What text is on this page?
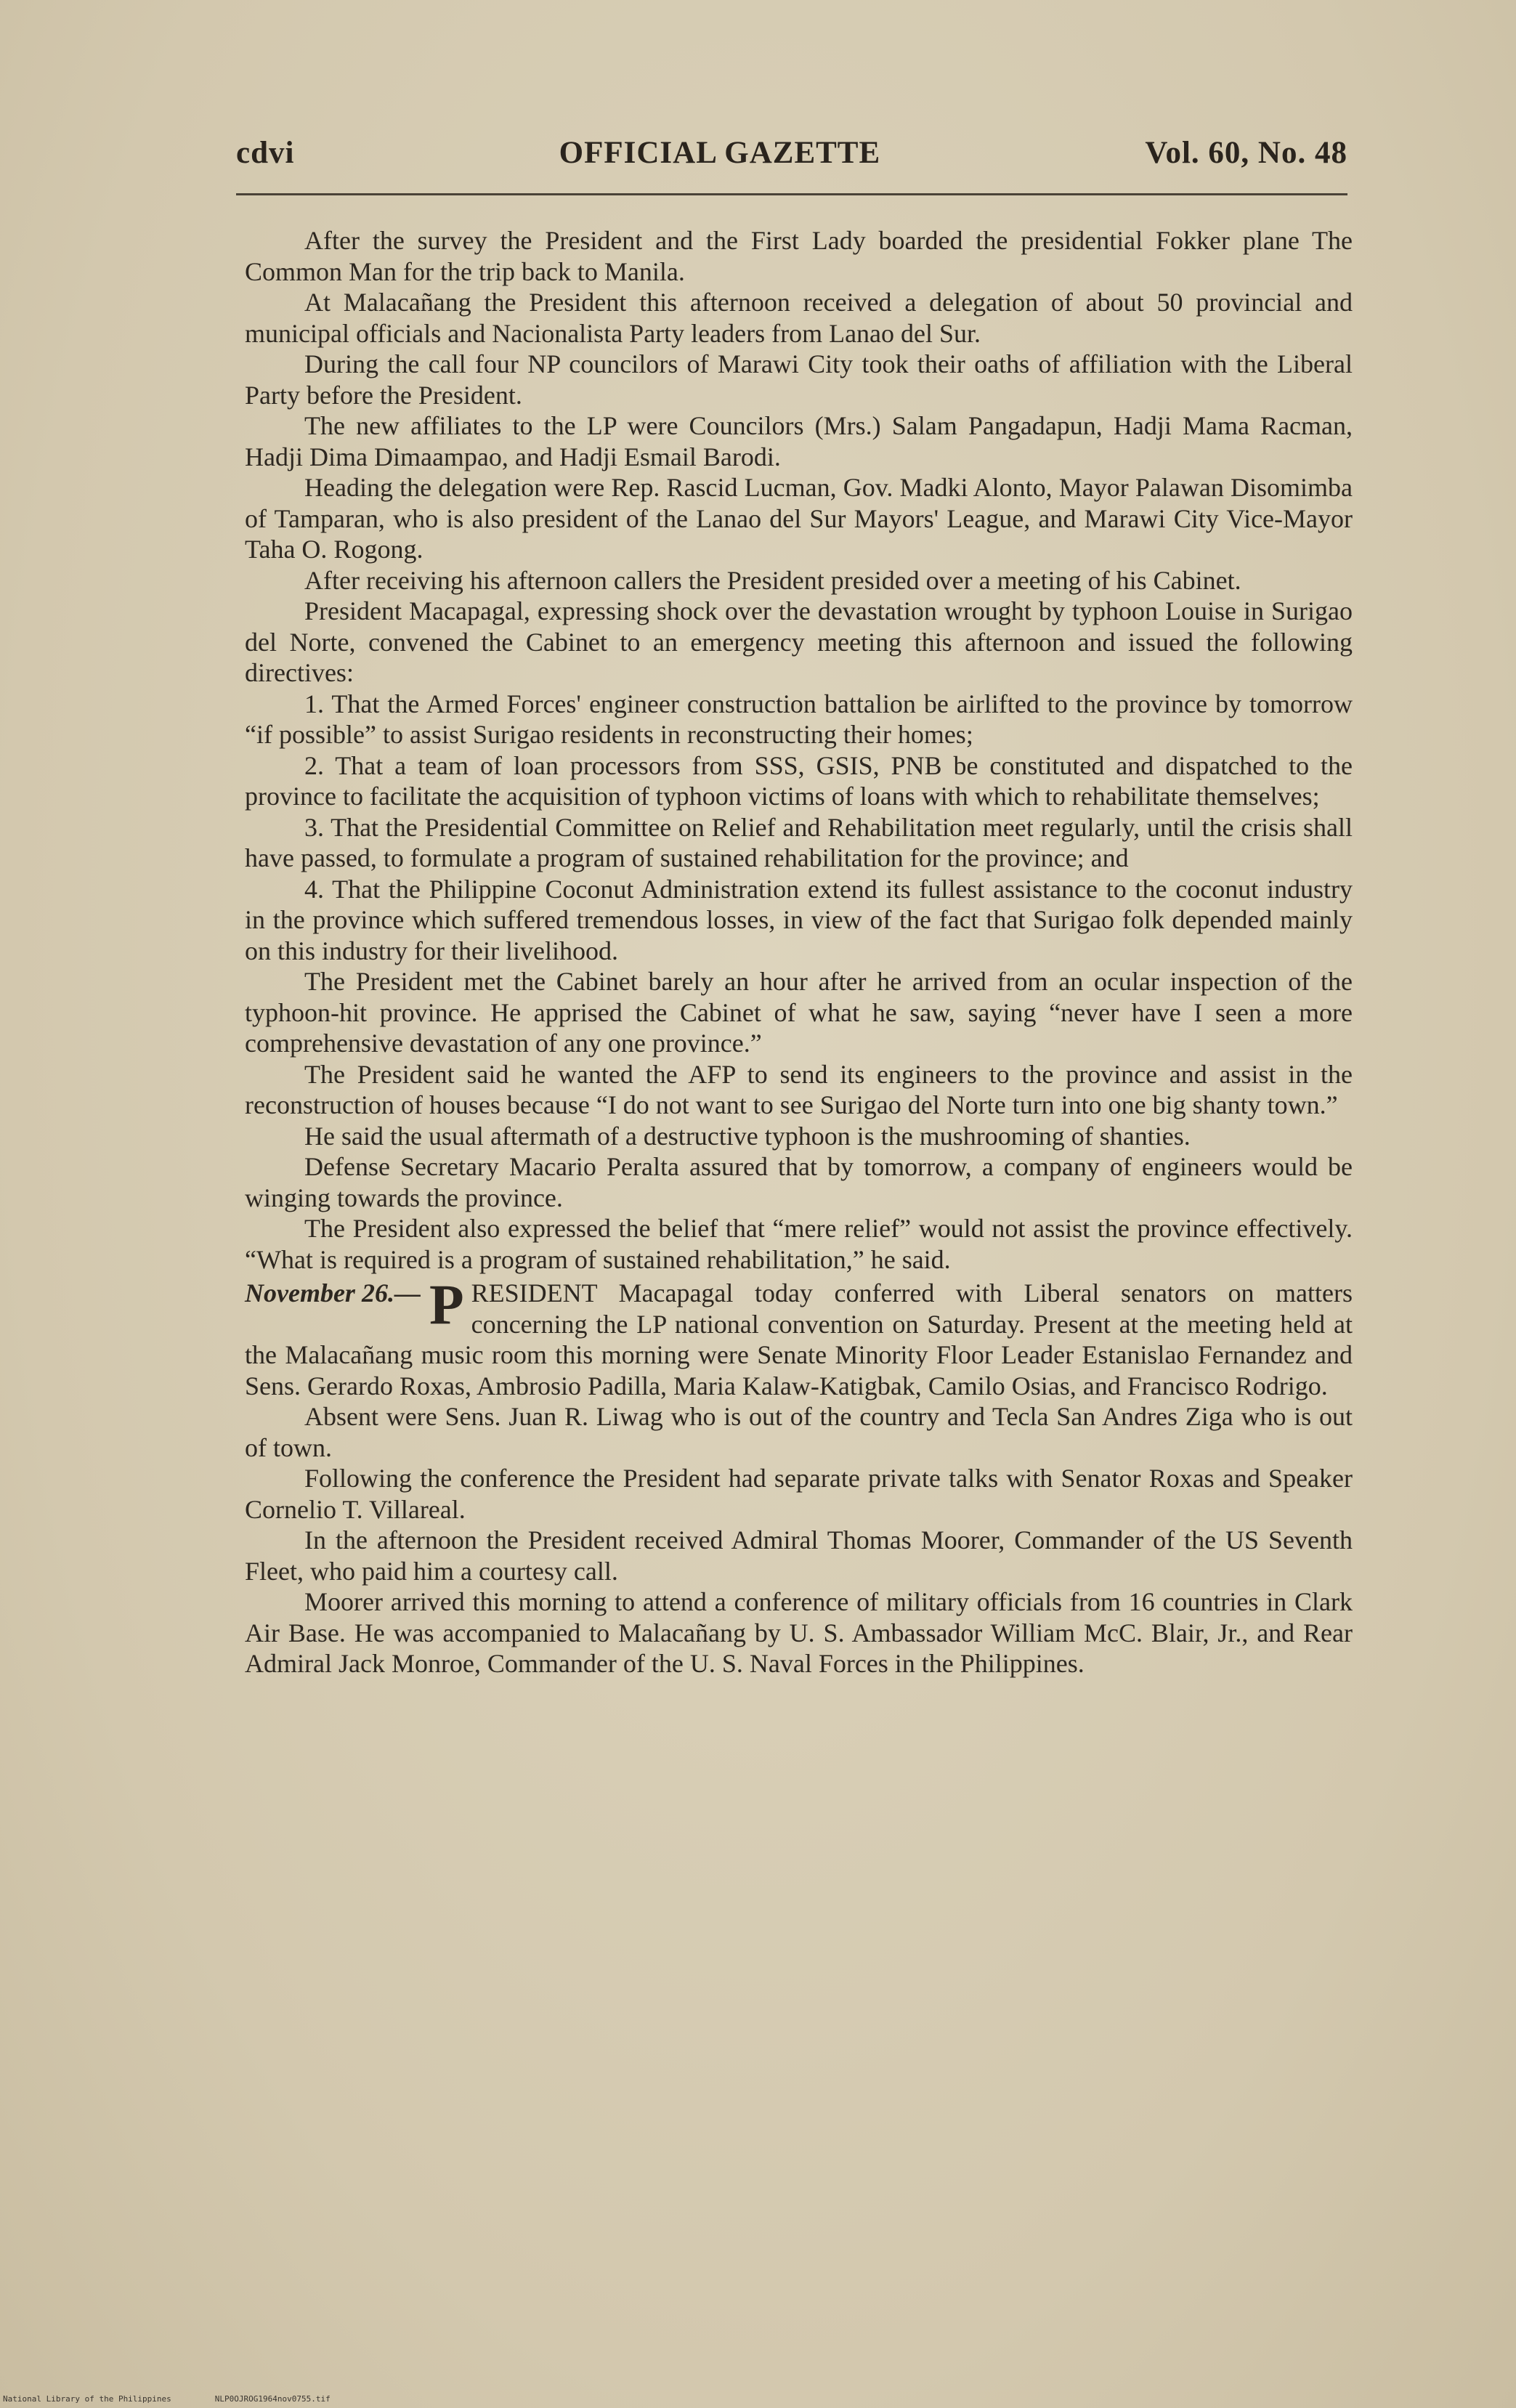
cdvi	OFFICIAL GAZETTE	Vol. 60, No. 48

After the survey the President and the First Lady boarded the presidential Fokker plane The Common Man for the trip back to Manila.

At Malacañang the President this afternoon received a delegation of about 50 provincial and municipal officials and Nacionalista Party leaders from Lanao del Sur.

During the call four NP councilors of Marawi City took their oaths of affiliation with the Liberal Party before the President.

The new affiliates to the LP were Councilors (Mrs.) Salam Pangadapun, Hadji Mama Racman, Hadji Dima Dimaampao, and Hadji Esmail Barodi.

Heading the delegation were Rep. Rascid Lucman, Gov. Madki Alonto, Mayor Palawan Disomimba of Tamparan, who is also president of the Lanao del Sur Mayors' League, and Marawi City Vice-Mayor Taha O. Rogong.

After receiving his afternoon callers the President presided over a meeting of his Cabinet.

President Macapagal, expressing shock over the devastation wrought by typhoon Louise in Surigao del Norte, convened the Cabinet to an emergency meeting this afternoon and issued the following directives:

1. That the Armed Forces' engineer construction battalion be airlifted to the province by tomorrow “if possible” to assist Surigao residents in reconstructing their homes;

2. That a team of loan processors from SSS, GSIS, PNB be constituted and dispatched to the province to facilitate the acquisition of typhoon victims of loans with which to rehabilitate themselves;

3. That the Presidential Committee on Relief and Rehabilitation meet regularly, until the crisis shall have passed, to formulate a program of sustained rehabilitation for the province; and

4. That the Philippine Coconut Administration extend its fullest assistance to the coconut industry in the province which suffered tremendous losses, in view of the fact that Surigao folk depended mainly on this industry for their livelihood.

The President met the Cabinet barely an hour after he arrived from an ocular inspection of the typhoon-hit province. He apprised the Cabinet of what he saw, saying “never have I seen a more comprehensive devastation of any one province.”

The President said he wanted the AFP to send its engineers to the province and assist in the reconstruction of houses because “I do not want to see Surigao del Norte turn into one big shanty town.”

He said the usual aftermath of a destructive typhoon is the mushrooming of shanties.

Defense Secretary Macario Peralta assured that by tomorrow, a company of engineers would be winging towards the province.

The President also expressed the belief that “mere relief” would not assist the province effectively. “What is required is a program of sustained rehabilitation,” he said.

November 26.— P RESIDENT Macapagal today conferred with Liberal senators on matters concerning the LP national convention on Saturday. Present at the meeting held at the Malacañang music room this morning were Senate Minority Floor Leader Estanislao Fernandez and Sens. Gerardo Roxas, Ambrosio Padilla, Maria Kalaw-Katigbak, Camilo Osias, and Francisco Rodrigo.

Absent were Sens. Juan R. Liwag who is out of the country and Tecla San Andres Ziga who is out of town.

Following the conference the President had separate private talks with Senator Roxas and Speaker Cornelio T. Villareal.

In the afternoon the President received Admiral Thomas Moorer, Commander of the US Seventh Fleet, who paid him a courtesy call.

Moorer arrived this morning to attend a conference of military officials from 16 countries in Clark Air Base. He was accompanied to Malacañang by U. S. Ambassador William McC. Blair, Jr., and Rear Admiral Jack Monroe, Commander of the U. S. Naval Forces in the Philippines.

National Library of the Philippines	NLP0OJROG1964nov0755.tif
